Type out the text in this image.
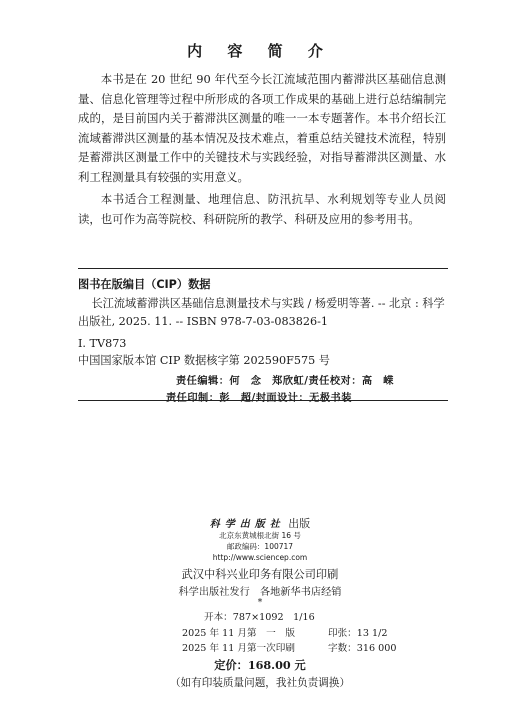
内 容 简 介

本书是在 20 世纪 90 年代至今长江流域范围内蓄滞洪区基础信息测量、信息化管理等过程中所形成的各项工作成果的基础上进行总结编制完成的，是目前国内关于蓄滞洪区测量的唯一一本专题著作。本书介绍长江流域蓄滞洪区测量的基本情况及技术难点，着重总结关键技术流程，特别是蓄滞洪区测量工作中的关键技术与实践经验，对指导蓄滞洪区测量、水利工程测量具有较强的实用意义。

本书适合工程测量、地理信息、防汛抗旱、水利规划等专业人员阅读，也可作为高等院校、科研院所的教学、科研及应用的参考用书。

图书在版编目（CIP）数据
长江流域蓄滞洪区基础信息测量技术与实践 / 杨爱明等著. -- 北京 : 科学出版社, 2025. 11. -- ISBN 978-7-03-083826-1
I. TV873
中国国家版本馆 CIP 数据核字第 202590F575 号
责任编辑：何　念　郑欣虹/责任校对：高　嵘
责任印制：彭　超/封面设计：无极书装
科学出版社 出版
北京东黄城根北街 16 号
邮政编码：100717
http://www.sciencep.com
武汉中科兴业印务有限公司印刷
科学出版社发行　各地新华书店经销
*
开本：787×1092　1/16
2025 年 11 月第　一　版	印张：13 1/2
2025 年 11 月第一次印刷	字数：316 000
定价：168.00 元
（如有印装质量问题，我社负责调换）
